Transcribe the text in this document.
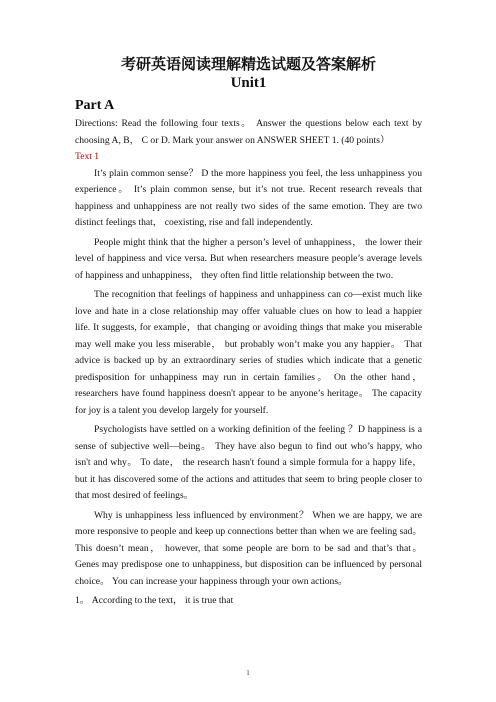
考研英语阅读理解精选试题及答案解析

Unit1

Part A

Directions: Read the following four texts。 Answer the questions below each text by choosing A, B， C or D. Mark your answer on ANSWER SHEET 1. (40 points）

Text 1

It’s plain common sense？ D the more happiness you feel, the less unhappiness you experience。 It’s plain common sense, but it’s not true. Recent research reveals that happiness and unhappiness are not really two sides of the same emotion. They are two distinct feelings that， coexisting, rise and fall independently.

People might think that the higher a person’s level of unhappiness， the lower their level of happiness and vice versa. But when researchers measure people’s average levels of happiness and unhappiness， they often find little relationship between the two.

The recognition that feelings of happiness and unhappiness can co—exist much like love and hate in a close relationship may offer valuable clues on how to lead a happier life. It suggests, for example，that changing or avoiding things that make you miserable may well make you less miserable， but probably won’t make you any happier。 That advice is backed up by an extraordinary series of studies which indicate that a genetic predisposition for unhappiness may run in certain families。 On the other hand， researchers have found happiness doesn't appear to be anyone’s heritage。 The capacity for joy is a talent you develop largely for yourself.

Psychologists have settled on a working definition of the feeling ？D happiness is a sense of subjective well—being。 They have also begun to find out who’s happy, who isn't and why。 To date， the research hasn't found a simple formula for a happy life， but it has discovered some of the actions and attitudes that seem to bring people closer to that most desired of feelings。

Why is unhappiness less influenced by environment？ When we are happy, we are more responsive to people and keep up connections better than when we are feeling sad。 This doesn’t mean， however, that some people are born to be sad and that’s that。 Genes may predispose one to unhappiness, but disposition can be influenced by personal choice。 You can increase your happiness through your own actions。

1。 According to the text， it is true that

1
